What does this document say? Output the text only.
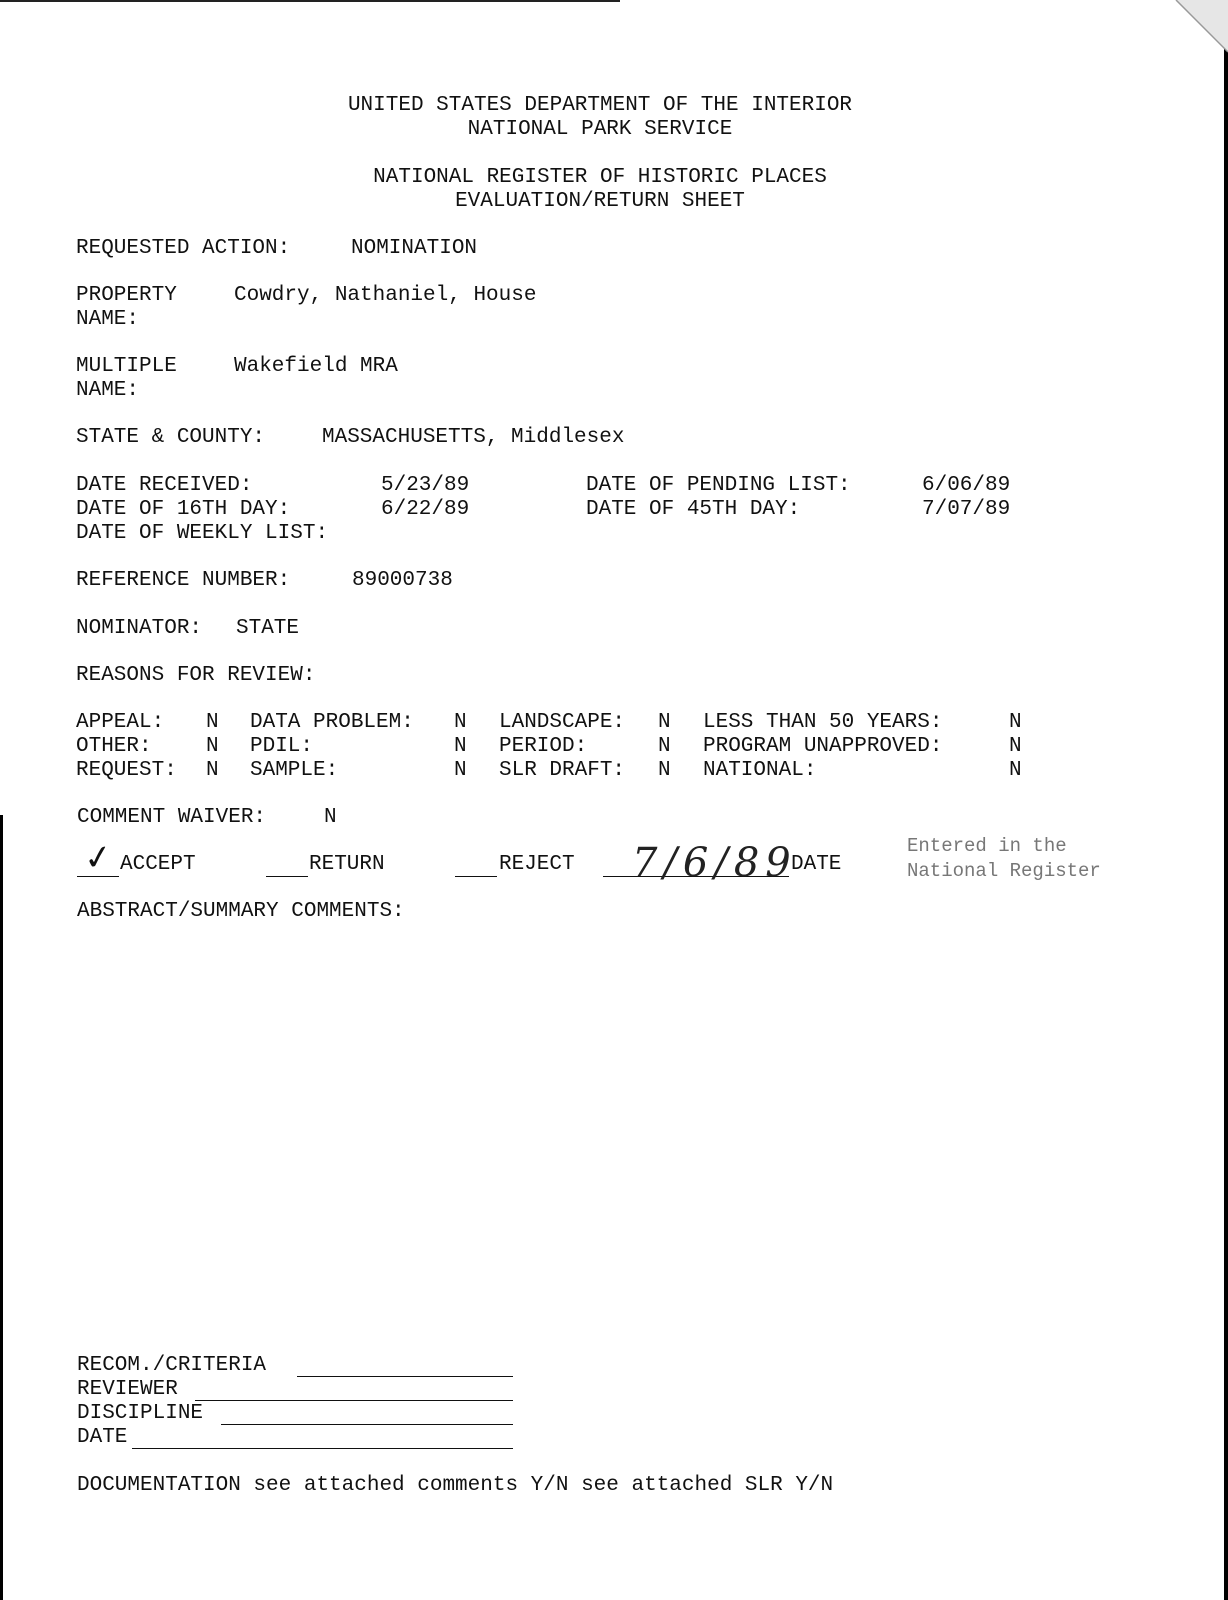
UNITED STATES DEPARTMENT OF THE INTERIOR
NATIONAL PARK SERVICE
NATIONAL REGISTER OF HISTORIC PLACES
EVALUATION/RETURN SHEET
REQUESTED ACTION:	NOMINATION
PROPERTY
NAME:
Cowdry, Nathaniel, House
MULTIPLE
NAME:
Wakefield MRA
STATE & COUNTY:	MASSACHUSETTS, Middlesex
DATE RECEIVED:	5/23/89	DATE OF PENDING LIST:	6/06/89
DATE OF 16TH DAY:	6/22/89	DATE OF 45TH DAY:	7/07/89
DATE OF WEEKLY LIST:
REFERENCE NUMBER:	89000738
NOMINATOR: STATE
REASONS FOR REVIEW:
APPEAL: N DATA PROBLEM: N LANDSCAPE: N LESS THAN 50 YEARS:	N
OTHER:	N PDIL:	N PERIOD:	N PROGRAM UNAPPROVED:	N
REQUEST: N SAMPLE:	N SLR DRAFT: N NATIONAL:	N
COMMENT WAIVER:	N
✓ ACCEPT	RETURN	REJECT 7/6/89
DATE
Entered in the
National Register
ABSTRACT/SUMMARY COMMENTS:
RECOM./CRITERIA
REVIEWER
DISCIPLINE
DATE
DOCUMENTATION see attached comments Y/N see attached SLR Y/N
